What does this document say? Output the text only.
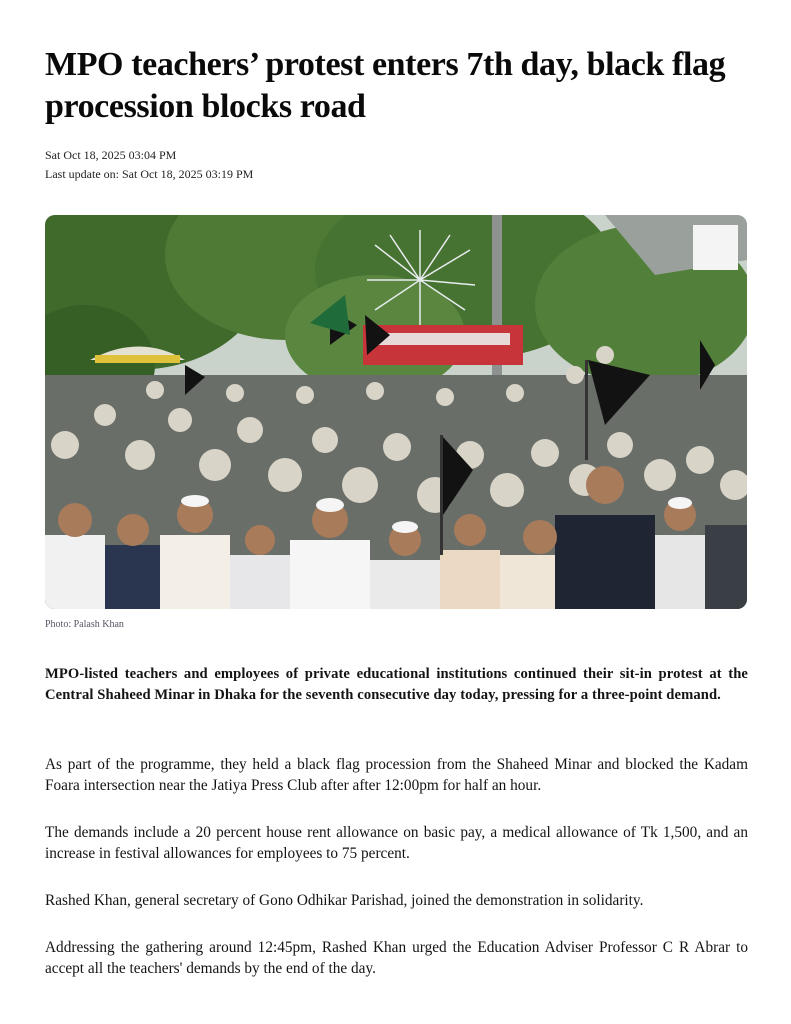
MPO teachers’ protest enters 7th day, black flag procession blocks road
Sat Oct 18, 2025 03:04 PM
Last update on: Sat Oct 18, 2025 03:19 PM
Photo: Palash Khan

MPO-listed teachers and employees of private educational institutions continued their sit-in protest at the Central Shaheed Minar in Dhaka for the seventh consecutive day today, pressing for a three-point demand.

As part of the programme, they held a black flag procession from the Shaheed Minar and blocked the Kadam Foara intersection near the Jatiya Press Club after after 12:00pm for half an hour.

The demands include a 20 percent house rent allowance on basic pay, a medical allowance of Tk 1,500, and an increase in festival allowances for employees to 75 percent.

Rashed Khan, general secretary of Gono Odhikar Parishad, joined the demonstration in solidarity.

Addressing the gathering around 12:45pm, Rashed Khan urged the Education Adviser Professor C R Abrar to accept all the teachers' demands by the end of the day.
